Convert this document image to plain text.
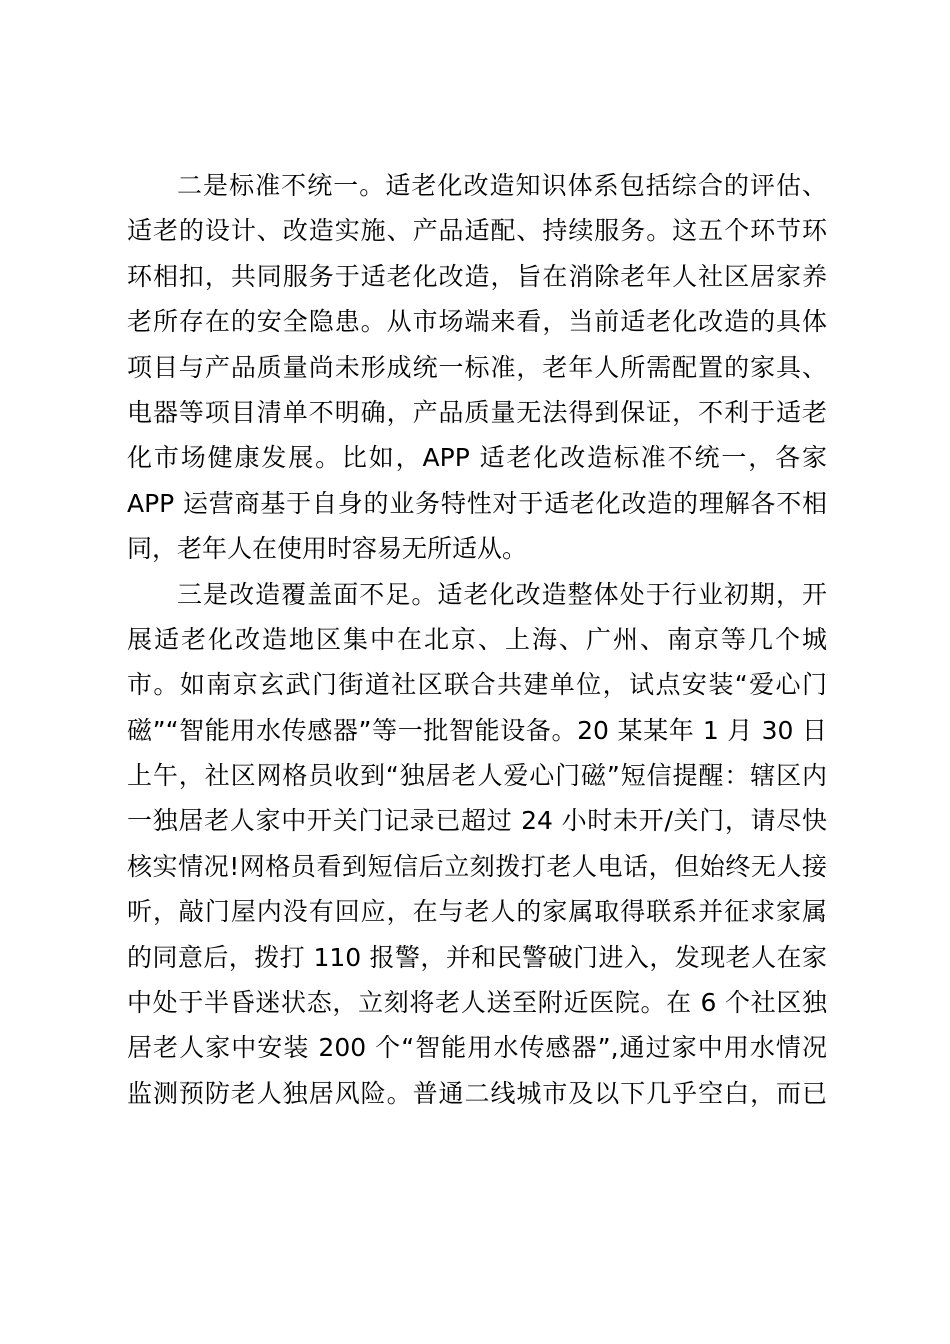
二是标准不统一。适老化改造知识体系包括综合的评估、
适老的设计、改造实施、产品适配、持续服务。这五个环节环
环相扣，共同服务于适老化改造，旨在消除老年人社区居家养
老所存在的安全隐患。从市场端来看，当前适老化改造的具体
项目与产品质量尚未形成统一标准，老年人所需配置的家具、
电器等项目清单不明确，产品质量无法得到保证，不利于适老
化市场健康发展。比如，APP 适老化改造标准不统一，各家
APP 运营商基于自身的业务特性对于适老化改造的理解各不相
同，老年人在使用时容易无所适从。
三是改造覆盖面不足。适老化改造整体处于行业初期，开
展适老化改造地区集中在北京、上海、广州、南京等几个城
市。如南京玄武门街道社区联合共建单位，试点安装“爱心门
磁”“智能用水传感器”等一批智能设备。20 某某年 1 月 30 日
上午，社区网格员收到“独居老人爱心门磁”短信提醒：辖区内
一独居老人家中开关门记录已超过 24 小时未开/关门，请尽快
核实情况!网格员看到短信后立刻拨打老人电话，但始终无人接
听，敲门屋内没有回应，在与老人的家属取得联系并征求家属
的同意后，拨打 110 报警，并和民警破门进入，发现老人在家
中处于半昏迷状态，立刻将老人送至附近医院。在 6 个社区独
居老人家中安装 200 个“智能用水传感器”,通过家中用水情况
监测预防老人独居风险。普通二线城市及以下几乎空白，而已
